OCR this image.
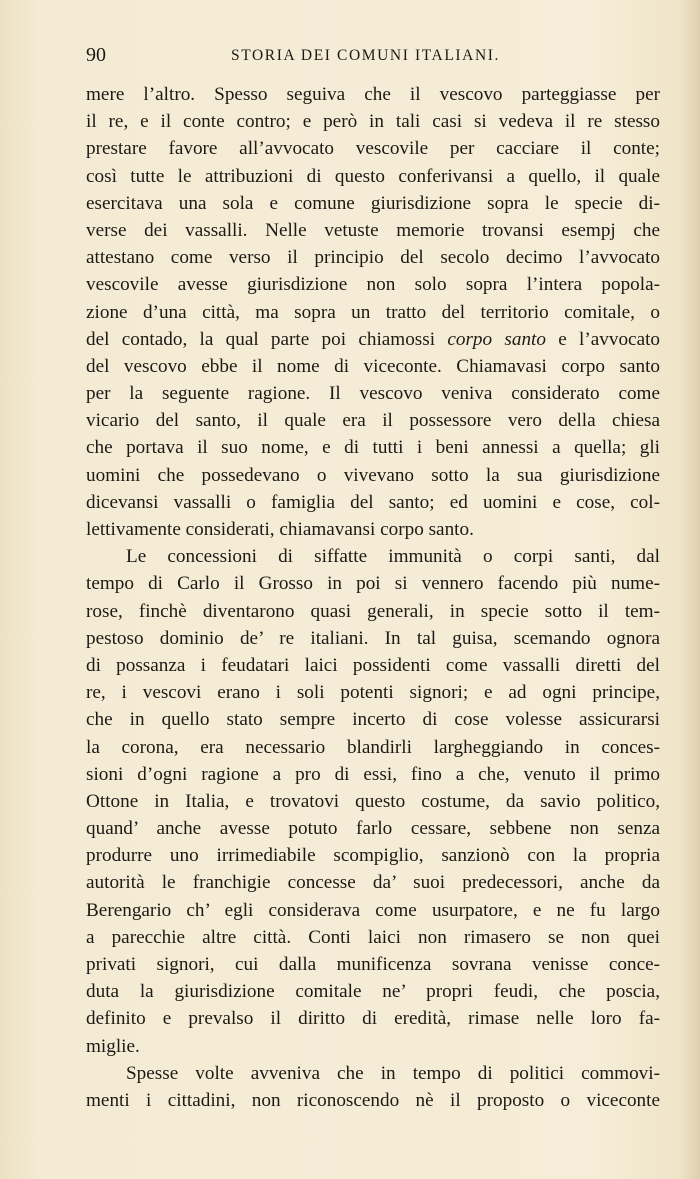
90	STORIA DEI COMUNI ITALIANI.
mere l’altro. Spesso seguiva che il vescovo parteggiasse per
il re, e il conte contro; e però in tali casi si vedeva il re stesso
prestare favore all’avvocato vescovile per cacciare il conte;
così tutte le attribuzioni di questo conferivansi a quello, il quale
esercitava una sola e comune giurisdizione sopra le specie di-
verse dei vassalli. Nelle vetuste memorie trovansi esempj che
attestano come verso il principio del secolo decimo l’avvocato
vescovile avesse giurisdizione non solo sopra l’intera popola-
zione d’una città, ma sopra un tratto del territorio comitale, o
del contado, la qual parte poi chiamossi corpo santo e l’avvocato
del vescovo ebbe il nome di viceconte. Chiamavasi corpo santo
per la seguente ragione. Il vescovo veniva considerato come
vicario del santo, il quale era il possessore vero della chiesa
che portava il suo nome, e di tutti i beni annessi a quella; gli
uomini che possedevano o vivevano sotto la sua giurisdizione
dicevansi vassalli o famiglia del santo; ed uomini e cose, col-
lettivamente considerati, chiamavansi corpo santo.
Le concessioni di siffatte immunità o corpi santi, dal
tempo di Carlo il Grosso in poi si vennero facendo più nume-
rose, finchè diventarono quasi generali, in specie sotto il tem-
pestoso dominio de’ re italiani. In tal guisa, scemando ognora
di possanza i feudatari laici possidenti come vassalli diretti del
re, i vescovi erano i soli potenti signori; e ad ogni principe,
che in quello stato sempre incerto di cose volesse assicurarsi
la corona, era necessario blandirli largheggiando in conces-
sioni d’ogni ragione a pro di essi, fino a che, venuto il primo
Ottone in Italia, e trovatovi questo costume, da savio politico,
quand’ anche avesse potuto farlo cessare, sebbene non senza
produrre uno irrimediabile scompiglio, sanzionò con la propria
autorità le franchigie concesse da’ suoi predecessori, anche da
Berengario ch’ egli considerava come usurpatore, e ne fu largo
a parecchie altre città. Conti laici non rimasero se non quei
privati signori, cui dalla munificenza sovrana venisse conce-
duta la giurisdizione comitale ne’ propri feudi, che poscia,
definito e prevalso il diritto di eredità, rimase nelle loro fa-
miglie.
Spesse volte avveniva che in tempo di politici commovi-
menti i cittadini, non riconoscendo nè il proposto o viceconte
